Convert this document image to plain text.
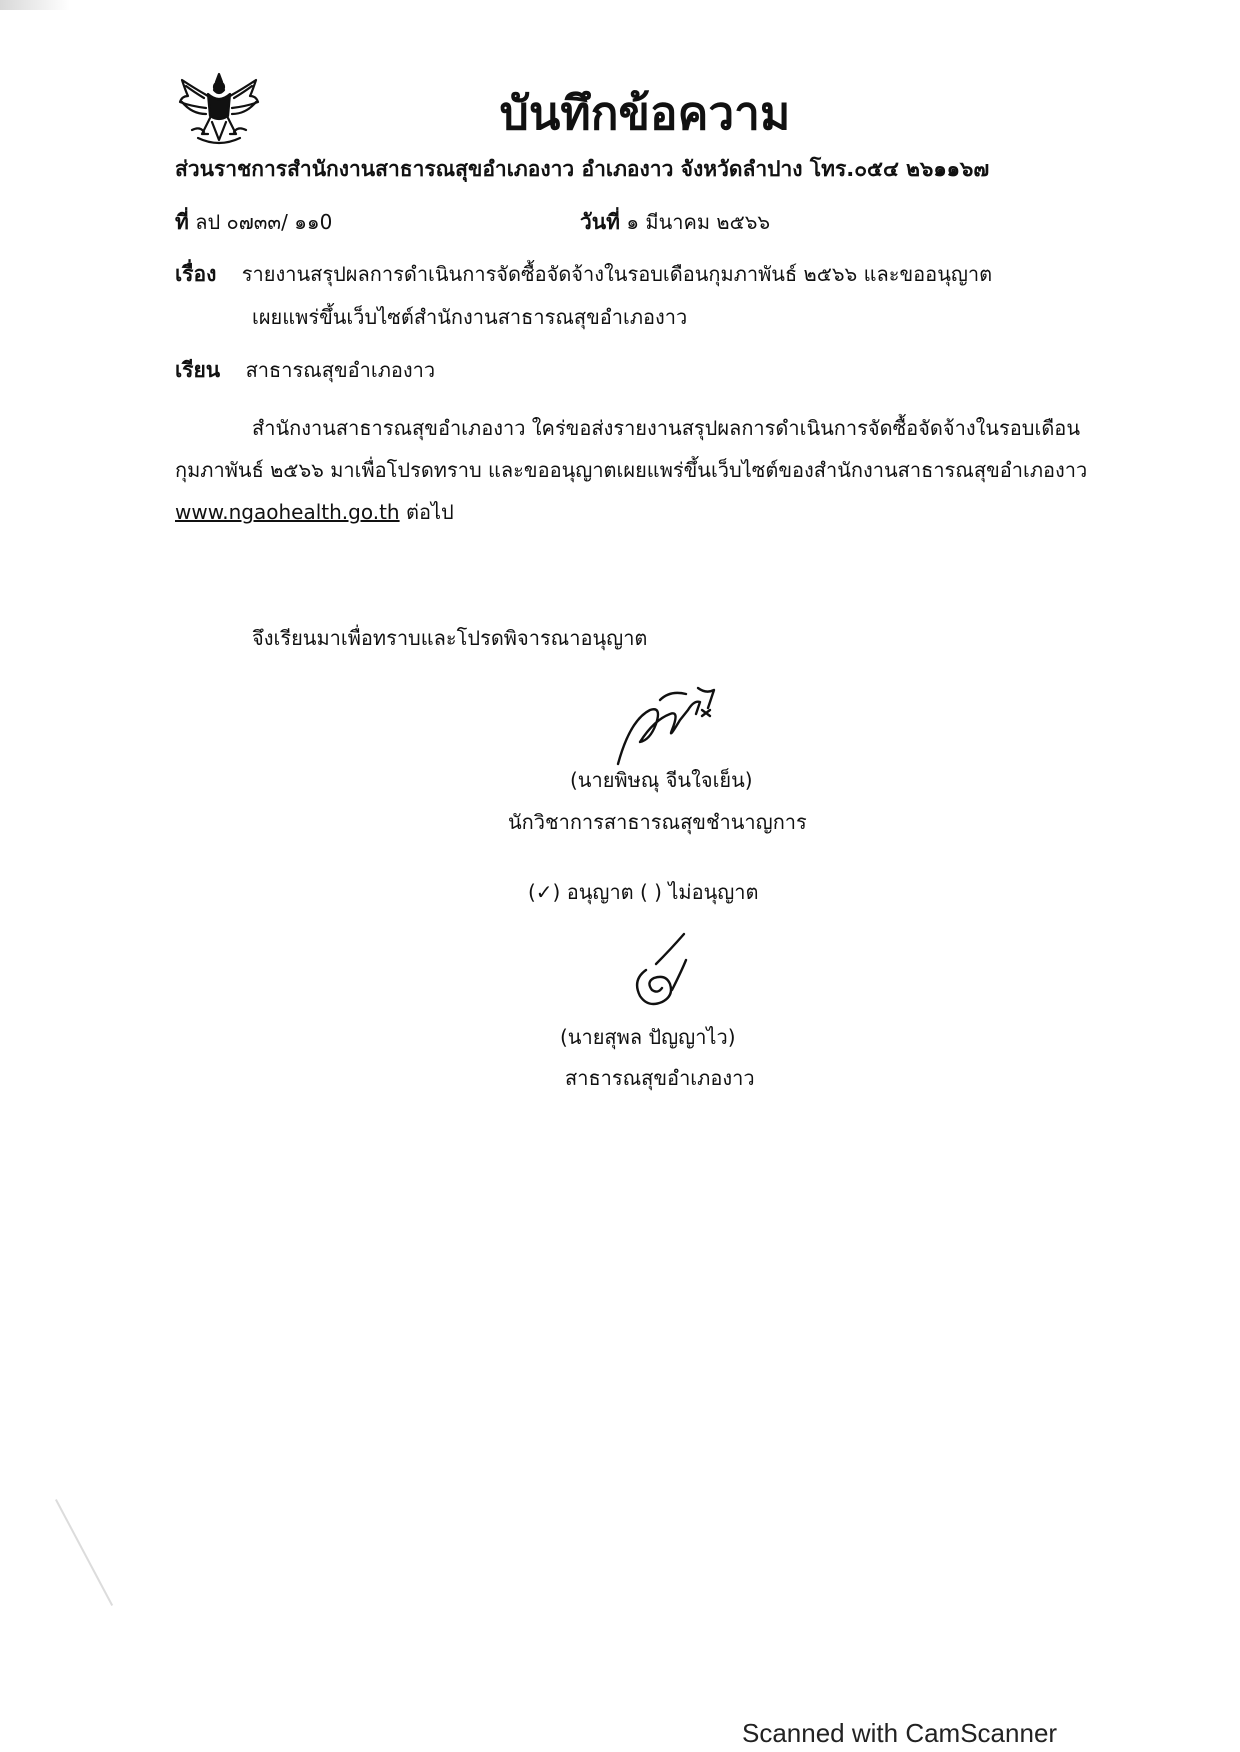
บันทึกข้อความ
ส่วนราชการสำนักงานสาธารณสุขอำเภองาว อำเภองาว จังหวัดลำปาง โทร.๐๕๔ ๒๖๑๑๖๗
ที่ ลป ๐๗๓๓/ ๑๑0	วันที่ ๑ มีนาคม ๒๕๖๖
เรื่อง รายงานสรุปผลการดำเนินการจัดซื้อจัดจ้างในรอบเดือนกุมภาพันธ์ ๒๕๖๖ และขออนุญาต
เผยแพร่ขึ้นเว็บไซต์สำนักงานสาธารณสุขอำเภองาว
เรียน สาธารณสุขอำเภองาว
สำนักงานสาธารณสุขอำเภองาว ใคร่ขอส่งรายงานสรุปผลการดำเนินการจัดซื้อจัดจ้างในรอบเดือน
กุมภาพันธ์ ๒๕๖๖ มาเพื่อโปรดทราบ และขออนุญาตเผยแพร่ขึ้นเว็บไซต์ของสำนักงานสาธารณสุขอำเภองาว
www.ngaohealth.go.th ต่อไป
จึงเรียนมาเพื่อทราบและโปรดพิจารณาอนุญาต
(นายพิษณุ จีนใจเย็น)
นักวิชาการสาธารณสุขชำนาญการ
(✓) อนุญาต ( ) ไม่อนุญาต
(นายสุพล ปัญญาไว)
สาธารณสุขอำเภองาว
Scanned with CamScanner
